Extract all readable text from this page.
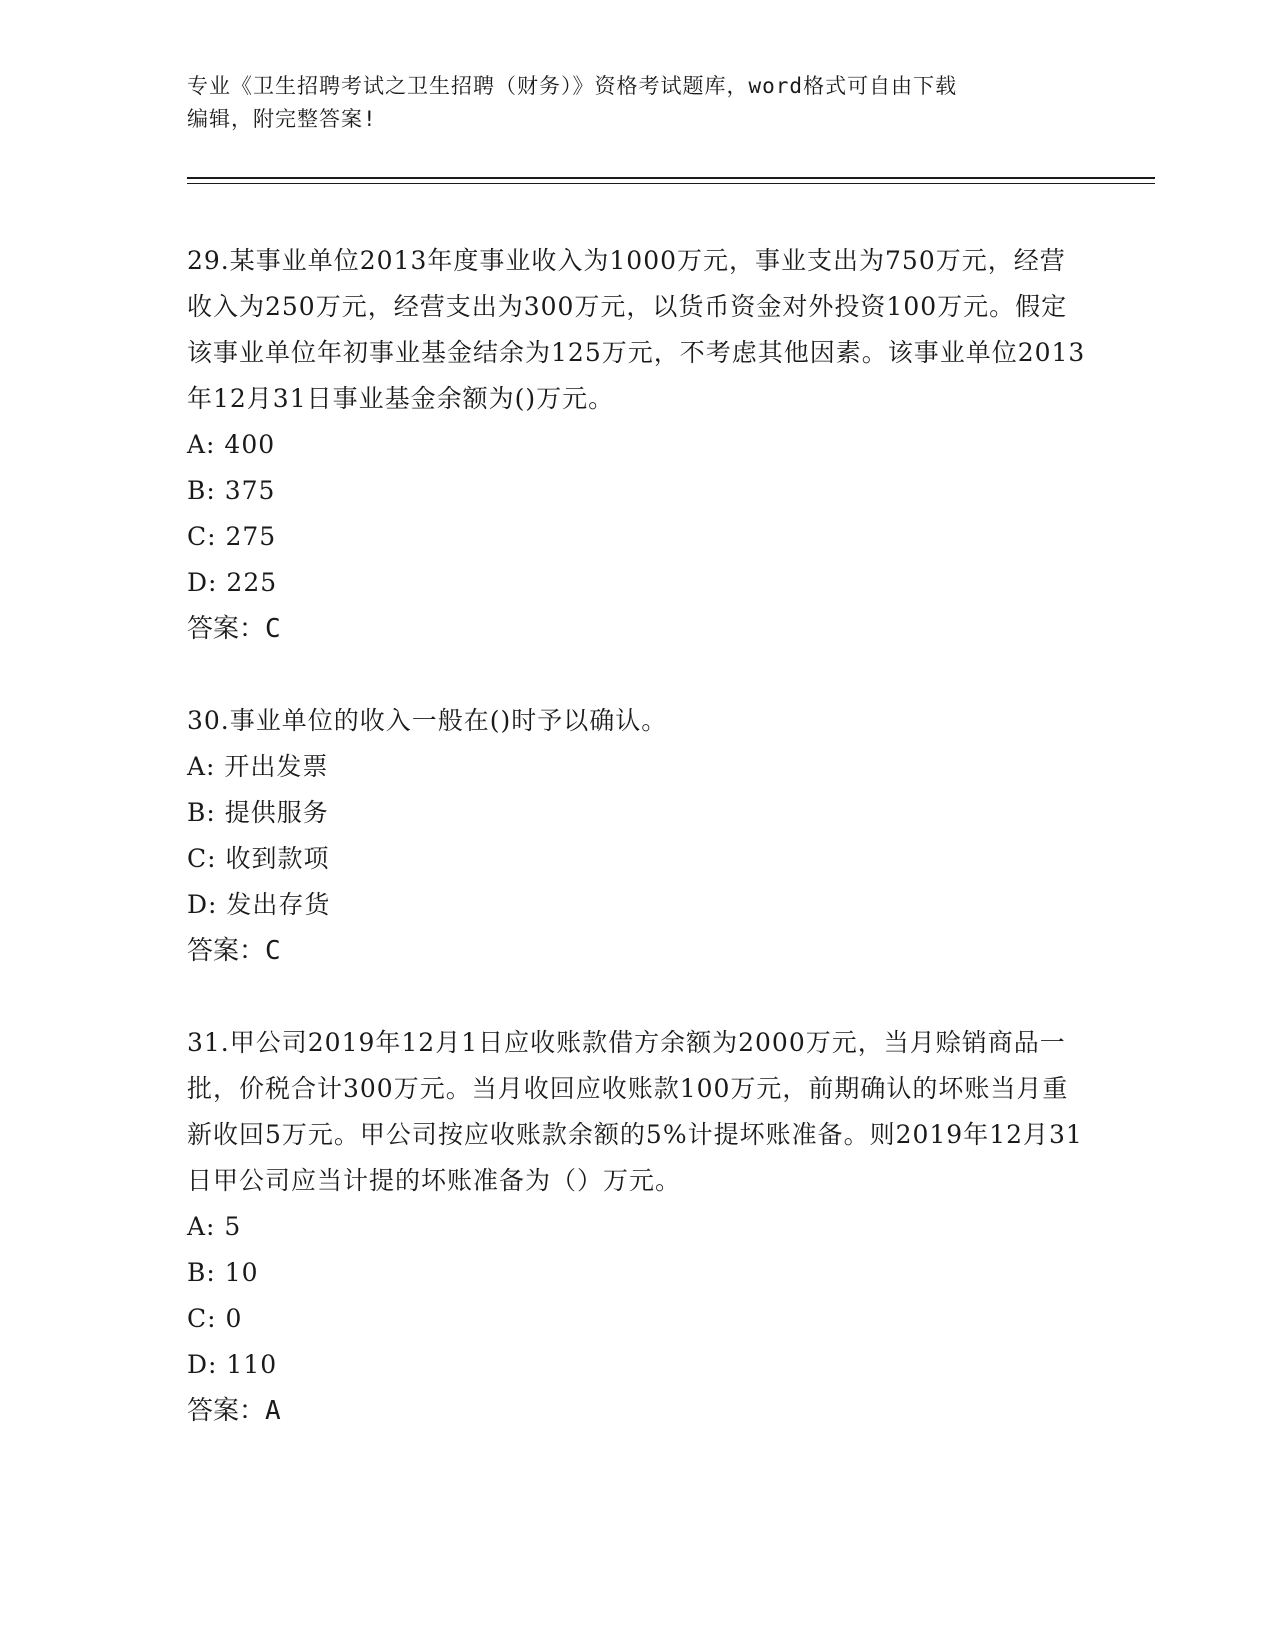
专业《卫生招聘考试之卫生招聘（财务）》资格考试题库，word格式可自由下载
编辑，附完整答案!

29.某事业单位2013年度事业收入为1000万元，事业支出为750万元，经营收入为250万元，经营支出为300万元，以货币资金对外投资100万元。假定该事业单位年初事业基金结余为125万元，不考虑其他因素。该事业单位2013年12月31日事业基金余额为()万元。

A: 400

B: 375

C: 275

D: 225

答案：C

30.事业单位的收入一般在()时予以确认。

A: 开出发票

B: 提供服务

C: 收到款项

D: 发出存货

答案：C

31.甲公司2019年12月1日应收账款借方余额为2000万元，当月赊销商品一批，价税合计300万元。当月收回应收账款100万元，前期确认的坏账当月重新收回5万元。甲公司按应收账款余额的5%计提坏账准备。则2019年12月31日甲公司应当计提的坏账准备为（）万元。

A: 5

B: 10

C: 0

D: 110

答案：A
